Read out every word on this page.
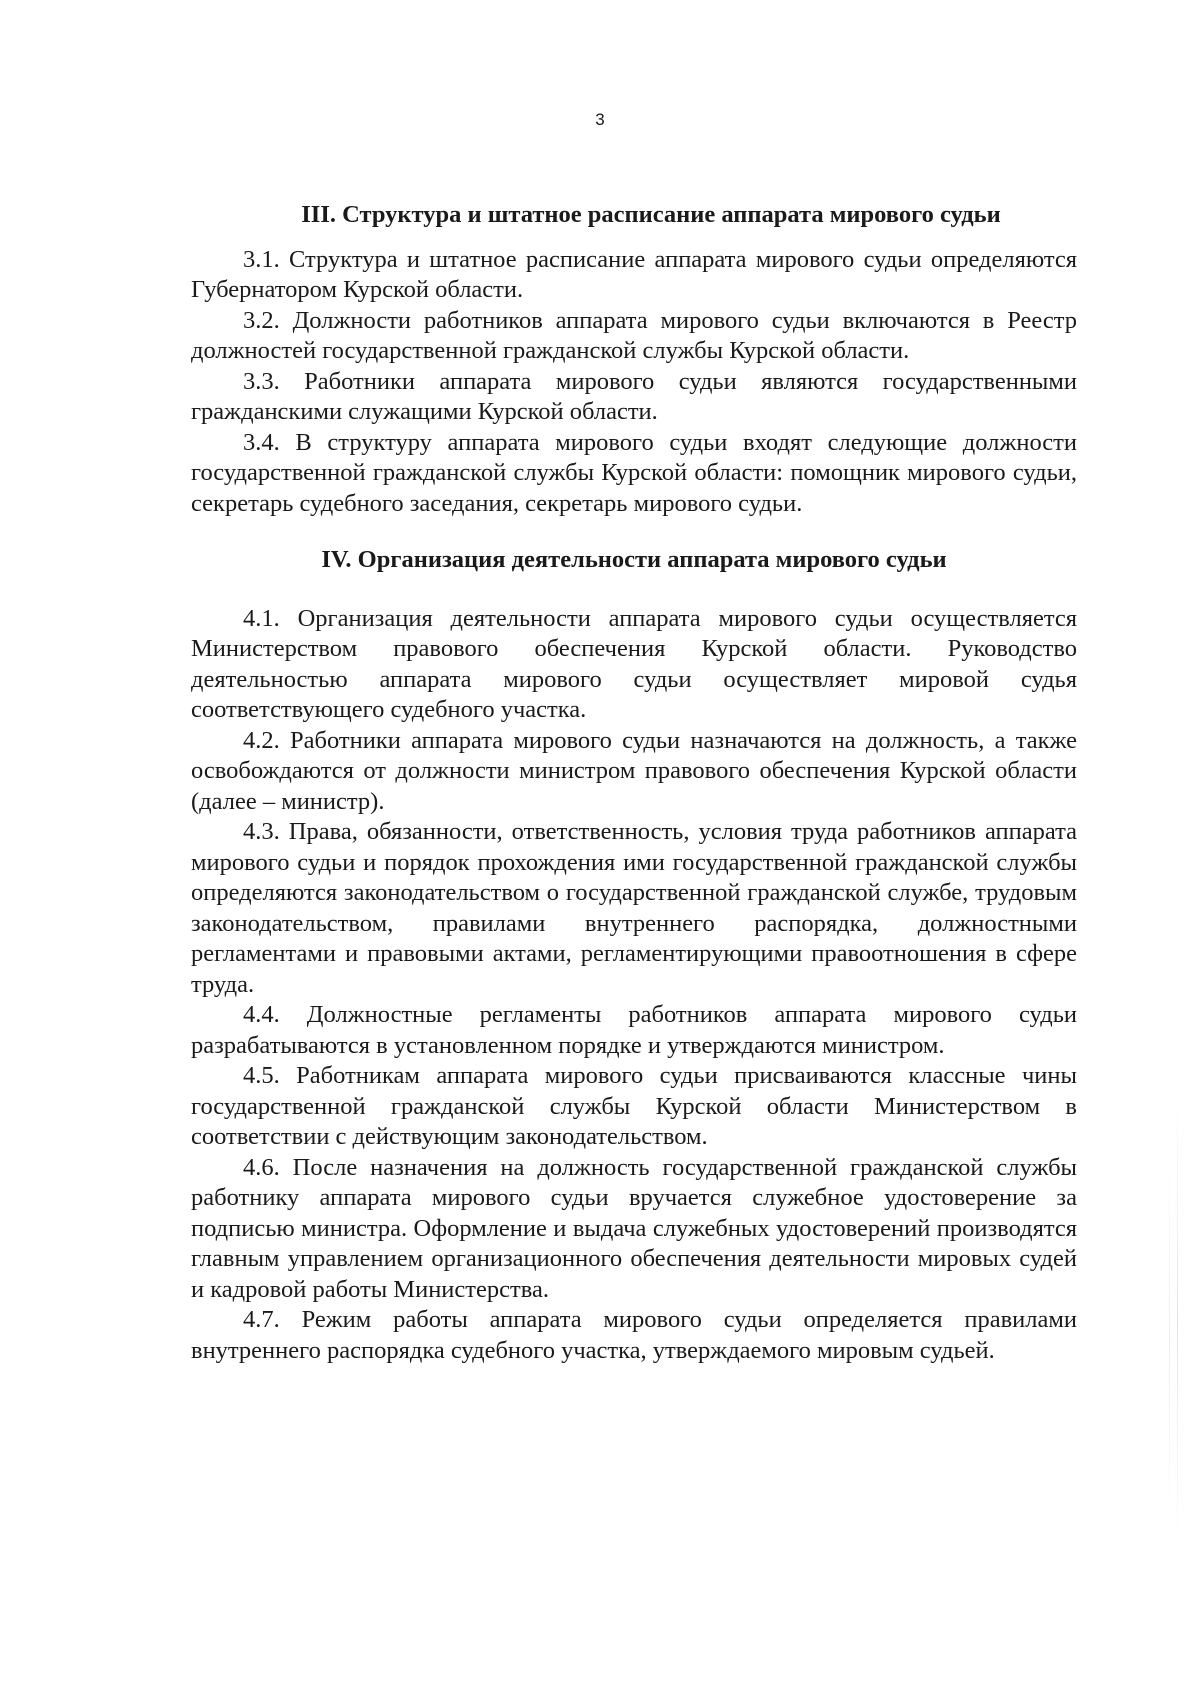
3

III. Структура и штатное расписание аппарата мирового судьи

3.1. Структура и штатное расписание аппарата мирового судьи определяются Губернатором Курской области.

3.2. Должности работников аппарата мирового судьи включаются в Реестр должностей государственной гражданской службы Курской области.

3.3. Работники аппарата мирового судьи являются государственными гражданскими служащими Курской области.

3.4. В структуру аппарата мирового судьи входят следующие должности государственной гражданской службы Курской области: помощник мирового судьи, секретарь судебного заседания, секретарь мирового судьи.

IV. Организация деятельности аппарата мирового судьи

4.1. Организация деятельности аппарата мирового судьи осуществляется Министерством правового обеспечения Курской области. Руководство деятельностью аппарата мирового судьи осуществляет мировой судья соответствующего судебного участка.

4.2. Работники аппарата мирового судьи назначаются на должность, а также освобождаются от должности министром правового обеспечения Курской области (далее – министр).

4.3. Права, обязанности, ответственность, условия труда работников аппарата мирового судьи и порядок прохождения ими государственной гражданской службы определяются законодательством о государственной гражданской службе, трудовым законодательством, правилами внутреннего распорядка, должностными регламентами и правовыми актами, регламентирующими правоотношения в сфере труда.

4.4. Должностные регламенты работников аппарата мирового судьи разрабатываются в установленном порядке и утверждаются министром.

4.5. Работникам аппарата мирового судьи присваиваются классные чины государственной гражданской службы Курской области Министерством в соответствии с действующим законодательством.

4.6. После назначения на должность государственной гражданской службы работнику аппарата мирового судьи вручается служебное удостоверение за подписью министра. Оформление и выдача служебных удостоверений производятся главным управлением организационного обеспечения деятельности мировых судей и кадровой работы Министерства.

4.7. Режим работы аппарата мирового судьи определяется правилами внутреннего распорядка судебного участка, утверждаемого мировым судьей.
